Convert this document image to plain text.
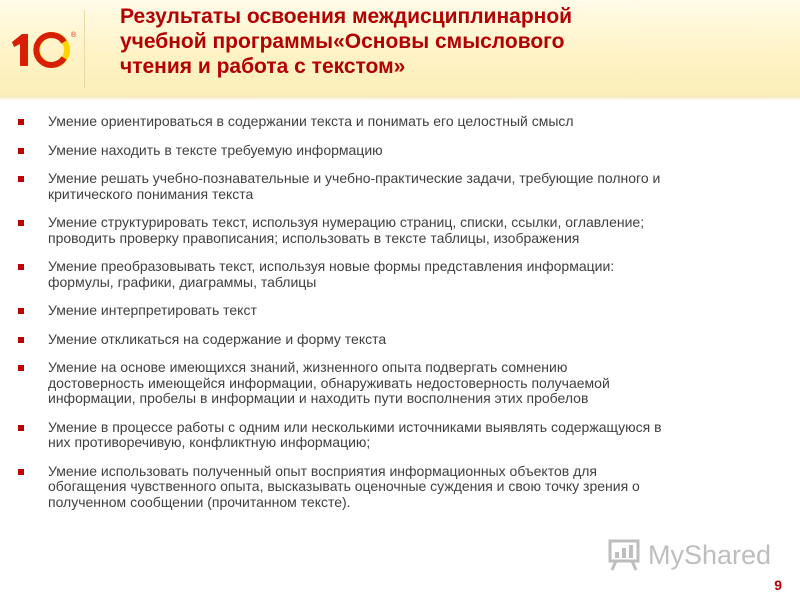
®
Результаты освоения междисциплинарной
учебной программы«Основы смыслового
чтения и работа с текстом»
Умение ориентироваться в содержании текста и понимать его целостный смысл
Умение находить в тексте требуемую информацию
Умение решать учебно-познавательные и учебно-практические задачи, требующие полного и
критического понимания текста
Умение структурировать текст, используя нумерацию страниц, списки, ссылки, оглавление;
проводить проверку правописания; использовать в тексте таблицы, изображения
Умение преобразовывать текст, используя новые формы представления информации:
формулы, графики, диаграммы, таблицы
Умение интерпретировать текст
Умение откликаться на содержание и форму текста
Умение на основе имеющихся знаний, жизненного опыта подвергать сомнению
достоверность имеющейся информации, обнаруживать недостоверность получаемой
информации, пробелы в информации и находить пути восполнения этих пробелов
Умение в процессе работы с одним или несколькими источниками выявлять содержащуюся в
них противоречивую, конфликтную информацию;
Умение использовать полученный опыт восприятия информационных объектов для
обогащения чувственного опыта, высказывать оценочные суждения и свою точку зрения о
полученном сообщении (прочитанном тексте).
MyShared
9
